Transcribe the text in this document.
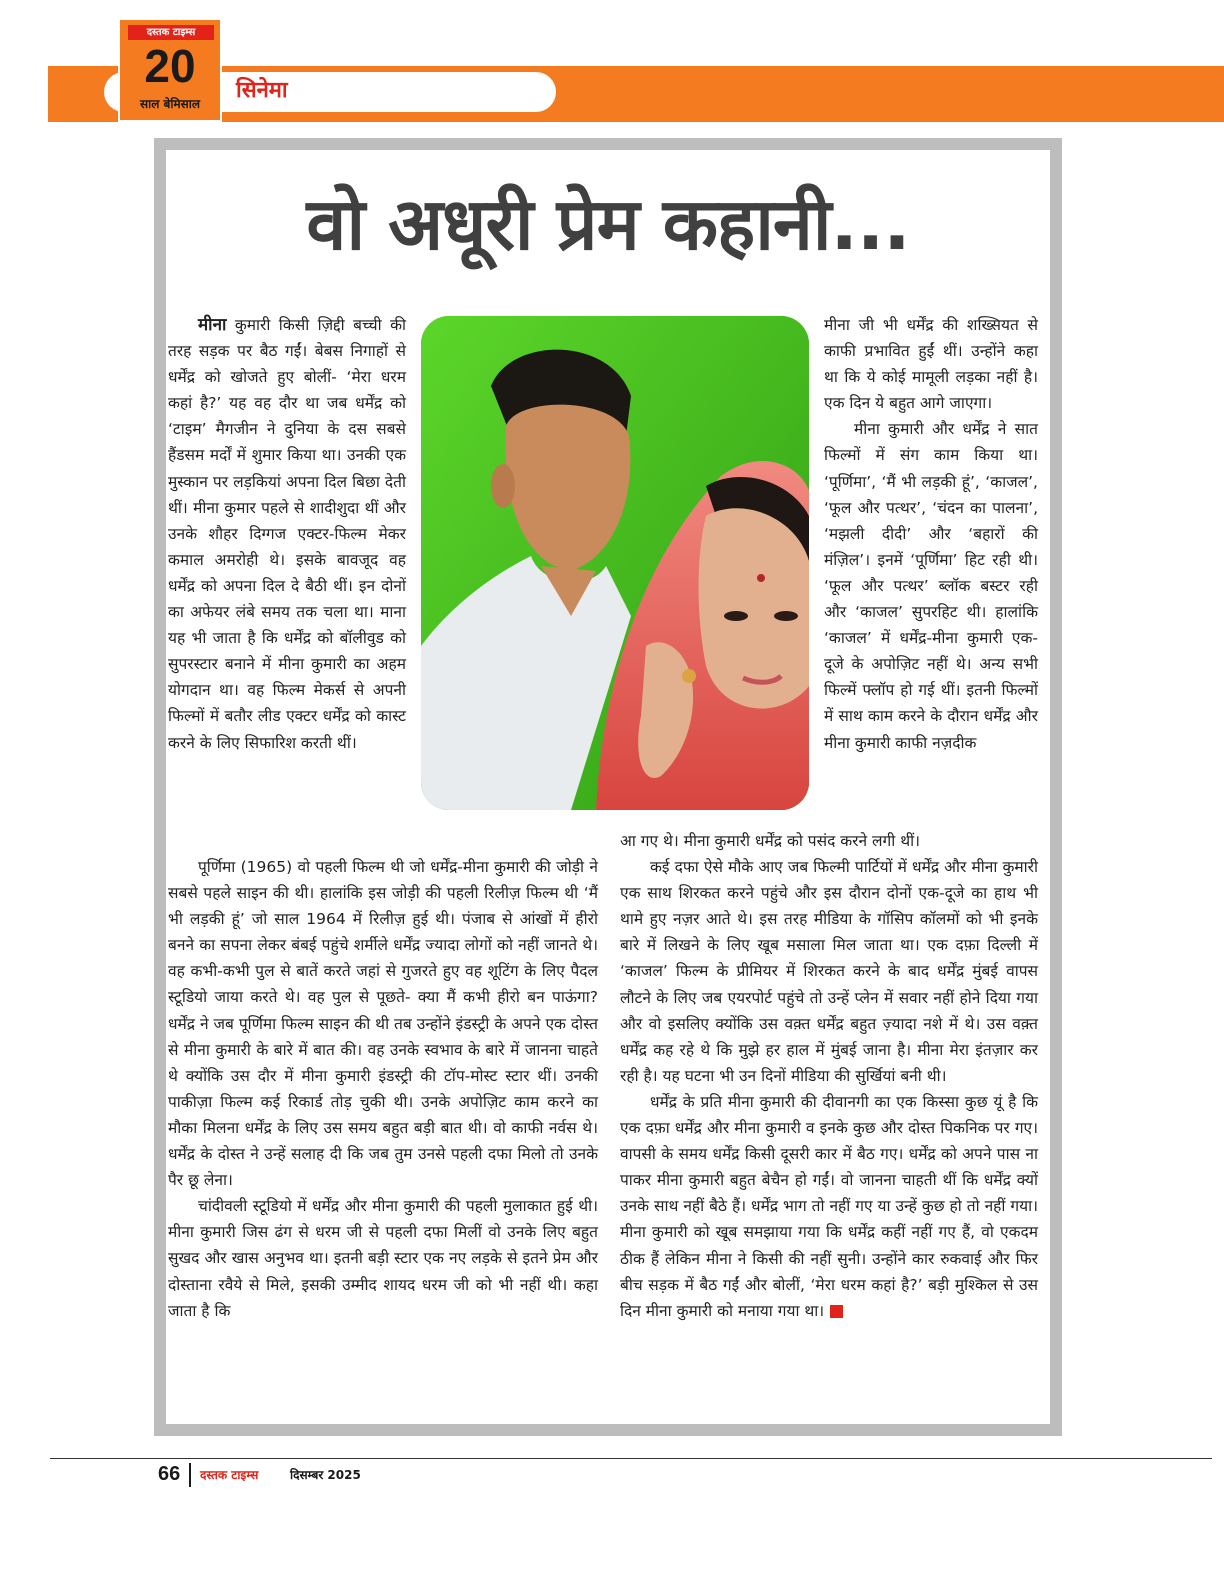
सिनेमा
दस्तक टाइम्स
20
साल बेमिसाल
वो अधूरी प्रेम कहानी...

मीना कुमारी किसी ज़िद्दी बच्ची की तरह सड़क पर बैठ गईं। बेबस निगाहों से धर्मेंद्र को खोजते हुए बोलीं- ‘मेरा धरम कहां है?’ यह वह दौर था जब धर्मेंद्र को ‘टाइम’ मैगजीन ने दुनिया के दस सबसे हैंडसम मर्दों में शुमार किया था। उनकी एक मुस्कान पर लड़कियां अपना दिल बिछा देती थीं। मीना कुमार पहले से शादीशुदा थीं और उनके शौहर दिग्गज एक्टर-फिल्म मेकर कमाल अमरोही थे। इसके बावजूद वह धर्मेंद्र को अपना दिल दे बैठी थीं। इन दोनों का अफेयर लंबे समय तक चला था। माना यह भी जाता है कि धर्मेंद्र को बॉलीवुड को सुपरस्टार बनाने में मीना कुमारी का अहम योगदान था। वह फिल्म मेकर्स से अपनी फिल्मों में बतौर लीड एक्टर धर्मेंद्र को कास्ट करने के लिए सिफारिश करती थीं।

मीना जी भी धर्मेंद्र की शख्सियत से काफी प्रभावित हुईं थीं। उन्होंने कहा था कि ये कोई मामूली लड़का नहीं है। एक दिन ये बहुत आगे जाएगा।

मीना कुमारी और धर्मेंद्र ने सात फिल्मों में संग काम किया था। ‘पूर्णिमा’, ‘मैं भी लड़की हूं’, ‘काजल’, ‘फूल और पत्थर’, ‘चंदन का पालना’, ‘मझली दीदी’ और ‘बहारों की मंज़िल’। इनमें ‘पूर्णिमा’ हिट रही थी। ‘फूल और पत्थर’ ब्लॉक बस्टर रही और ‘काजल’ सुपरहिट थी। हालांकि ‘काजल’ में धर्मेंद्र-मीना कुमारी एक-दूजे के अपोज़िट नहीं थे। अन्य सभी फिल्में फ्लॉप हो गई थीं। इतनी फिल्मों में साथ काम करने के दौरान धर्मेंद्र और मीना कुमारी काफी नज़दीक

पूर्णिमा (1965) वो पहली फिल्म थी जो धर्मेंद्र-मीना कुमारी की जोड़ी ने सबसे पहले साइन की थी। हालांकि इस जोड़ी की पहली रिलीज़ फिल्म थी ‘मैं भी लड़की हूं’ जो साल 1964 में रिलीज़ हुई थी। पंजाब से आंखों में हीरो बनने का सपना लेकर बंबई पहुंचे शर्मीले धर्मेंद्र ज्यादा लोगों को नहीं जानते थे। वह कभी-कभी पुल से बातें करते जहां से गुजरते हुए वह शूटिंग के लिए पैदल स्टूडियो जाया करते थे। वह पुल से पूछते- क्या मैं कभी हीरो बन पाऊंगा? धर्मेंद्र ने जब पूर्णिमा फिल्म साइन की थी तब उन्होंने इंडस्ट्री के अपने एक दोस्त से मीना कुमारी के बारे में बात की। वह उनके स्वभाव के बारे में जानना चाहते थे क्योंकि उस दौर में मीना कुमारी इंडस्ट्री की टॉप-मोस्ट स्टार थीं। उनकी पाकीज़ा फिल्म कई रिकार्ड तोड़ चुकी थी। उनके अपोज़िट काम करने का मौका मिलना धर्मेंद्र के लिए उस समय बहुत बड़ी बात थी। वो काफी नर्वस थे। धर्मेंद्र के दोस्त ने उन्हें सलाह दी कि जब तुम उनसे पहली दफा मिलो तो उनके पैर छू लेना।

चांदीवली स्टूडियो में धर्मेंद्र और मीना कुमारी की पहली मुलाकात हुई थी। मीना कुमारी जिस ढंग से धरम जी से पहली दफा मिलीं वो उनके लिए बहुत सुखद और खास अनुभव था। इतनी बड़ी स्टार एक नए लड़के से इतने प्रेम और दोस्ताना रवैये से मिले, इसकी उम्मीद शायद धरम जी को भी नहीं थी। कहा जाता है कि

आ गए थे। मीना कुमारी धर्मेंद्र को पसंद करने लगी थीं।

कई दफा ऐसे मौके आए जब फिल्मी पार्टियों में धर्मेंद्र और मीना कुमारी एक साथ शिरकत करने पहुंचे और इस दौरान दोनों एक-दूजे का हाथ भी थामे हुए नज़र आते थे। इस तरह मीडिया के गॉसिप कॉलमों को भी इनके बारे में लिखने के लिए खूब मसाला मिल जाता था। एक दफ़ा दिल्ली में ‘काजल’ फिल्म के प्रीमियर में शिरकत करने के बाद धर्मेंद्र मुंबई वापस लौटने के लिए जब एयरपोर्ट पहुंचे तो उन्हें प्लेन में सवार नहीं होने दिया गया और वो इसलिए क्योंकि उस वक़्त धर्मेंद्र बहुत ज़्यादा नशे में थे। उस वक़्त धर्मेंद्र कह रहे थे कि मुझे हर हाल में मुंबई जाना है। मीना मेरा इंतज़ार कर रही है। यह घटना भी उन दिनों मीडिया की सुर्खियां बनी थी।

धर्मेंद्र के प्रति मीना कुमारी की दीवानगी का एक किस्सा कुछ यूं है कि एक दफ़ा धर्मेंद्र और मीना कुमारी व इनके कुछ और दोस्त पिकनिक पर गए। वापसी के समय धर्मेंद्र किसी दूसरी कार में बैठ गए। धर्मेंद्र को अपने पास ना पाकर मीना कुमारी बहुत बेचैन हो गईं। वो जानना चाहती थीं कि धर्मेंद्र क्यों उनके साथ नहीं बैठे हैं। धर्मेंद्र भाग तो नहीं गए या उन्हें कुछ हो तो नहीं गया। मीना कुमारी को खूब समझाया गया कि धर्मेंद्र कहीं नहीं गए हैं, वो एकदम ठीक हैं लेकिन मीना ने किसी की नहीं सुनी। उन्होंने कार रुकवाई और फिर बीच सड़क में बैठ गईं और बोलीं, ‘मेरा धरम कहां है?’ बड़ी मुश्किल से उस दिन मीना कुमारी को मनाया गया था।

66 दस्तक टाइम्स	दिसम्बर 2025
